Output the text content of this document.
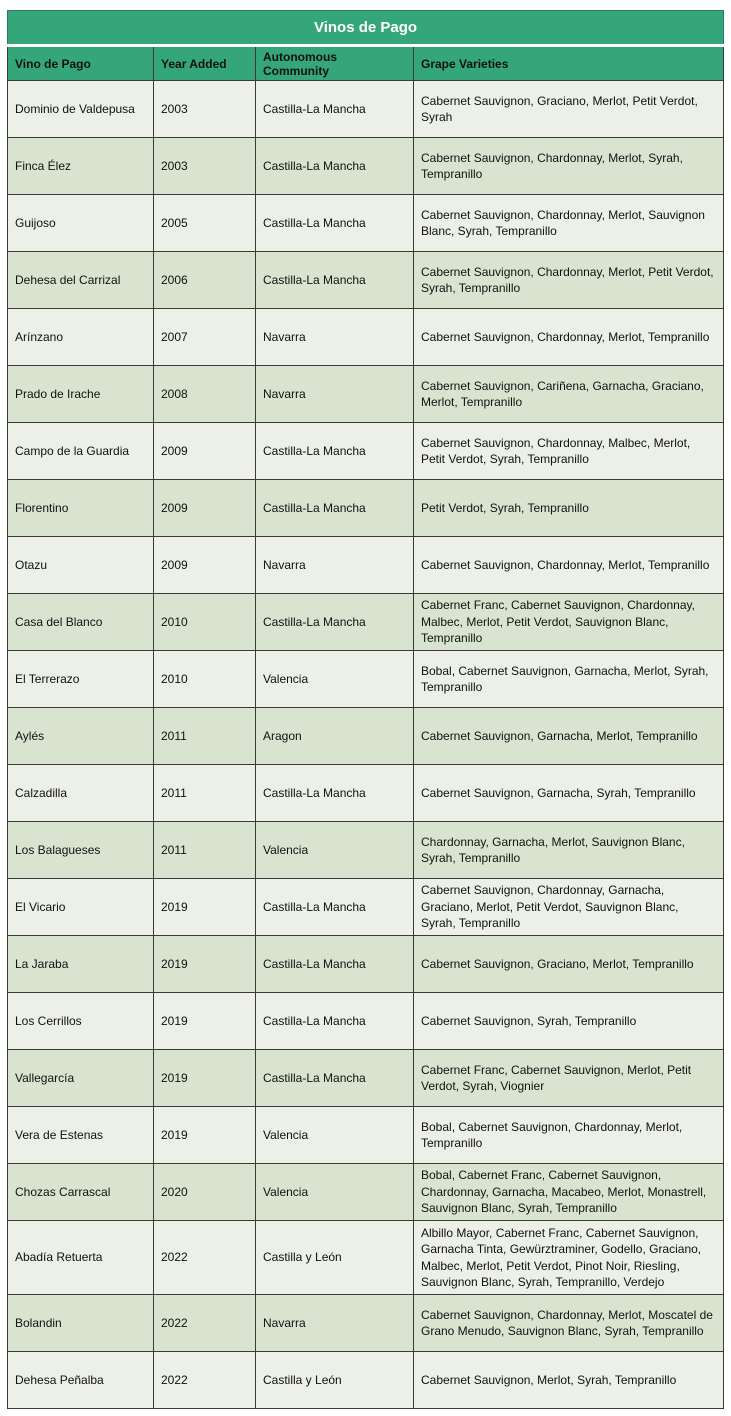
Vinos de Pago			
Vino de Pago	Year Added	Autonomous Community	Grape Varieties
Dominio de Valdepusa	2003	Castilla-La Mancha	Cabernet Sauvignon, Graciano, Merlot, Petit Verdot, Syrah
Finca Élez	2003	Castilla-La Mancha	Cabernet Sauvignon, Chardonnay, Merlot, Syrah, Tempranillo
Guijoso	2005	Castilla-La Mancha	Cabernet Sauvignon, Chardonnay, Merlot, Sauvignon Blanc, Syrah, Tempranillo
Dehesa del Carrizal	2006	Castilla-La Mancha	Cabernet Sauvignon, Chardonnay, Merlot, Petit Verdot, Syrah, Tempranillo
Arínzano	2007	Navarra	Cabernet Sauvignon, Chardonnay, Merlot, Tempranillo
Prado de Irache	2008	Navarra	Cabernet Sauvignon, Cariñena, Garnacha, Graciano, Merlot, Tempranillo
Campo de la Guardia	2009	Castilla-La Mancha	Cabernet Sauvignon, Chardonnay, Malbec, Merlot, Petit Verdot, Syrah, Tempranillo
Florentino	2009	Castilla-La Mancha	Petit Verdot, Syrah, Tempranillo
Otazu	2009	Navarra	Cabernet Sauvignon, Chardonnay, Merlot, Tempranillo
Casa del Blanco	2010	Castilla-La Mancha	Cabernet Franc, Cabernet Sauvignon, Chardonnay, Malbec, Merlot, Petit Verdot, Sauvignon Blanc, Tempranillo
El Terrerazo	2010	Valencia	Bobal, Cabernet Sauvignon, Garnacha, Merlot, Syrah, Tempranillo
Aylés	2011	Aragon	Cabernet Sauvignon, Garnacha, Merlot, Tempranillo
Calzadilla	2011	Castilla-La Mancha	Cabernet Sauvignon, Garnacha, Syrah, Tempranillo
Los Balagueses	2011	Valencia	Chardonnay, Garnacha, Merlot, Sauvignon Blanc, Syrah, Tempranillo
El Vicario	2019	Castilla-La Mancha	Cabernet Sauvignon, Chardonnay, Garnacha, Graciano, Merlot, Petit Verdot, Sauvignon Blanc, Syrah, Tempranillo
La Jaraba	2019	Castilla-La Mancha	Cabernet Sauvignon, Graciano, Merlot, Tempranillo
Los Cerrillos	2019	Castilla-La Mancha	Cabernet Sauvignon, Syrah, Tempranillo
Vallegarcía	2019	Castilla-La Mancha	Cabernet Franc, Cabernet Sauvignon, Merlot, Petit Verdot, Syrah, Viognier
Vera de Estenas	2019	Valencia	Bobal, Cabernet Sauvignon, Chardonnay, Merlot, Tempranillo
Chozas Carrascal	2020	Valencia	Bobal, Cabernet Franc, Cabernet Sauvignon, Chardonnay, Garnacha, Macabeo, Merlot, Monastrell, Sauvignon Blanc, Syrah, Tempranillo
Abadía Retuerta	2022	Castilla y León	Albillo Mayor, Cabernet Franc, Cabernet Sauvignon, Garnacha Tinta, Gewürztraminer, Godello, Graciano, Malbec, Merlot, Petit Verdot, Pinot Noir, Riesling, Sauvignon Blanc, Syrah, Tempranillo, Verdejo
Bolandin	2022	Navarra	Cabernet Sauvignon, Chardonnay, Merlot, Moscatel de Grano Menudo, Sauvignon Blanc, Syrah, Tempranillo
Dehesa Peñalba	2022	Castilla y León	Cabernet Sauvignon, Merlot, Syrah, Tempranillo
